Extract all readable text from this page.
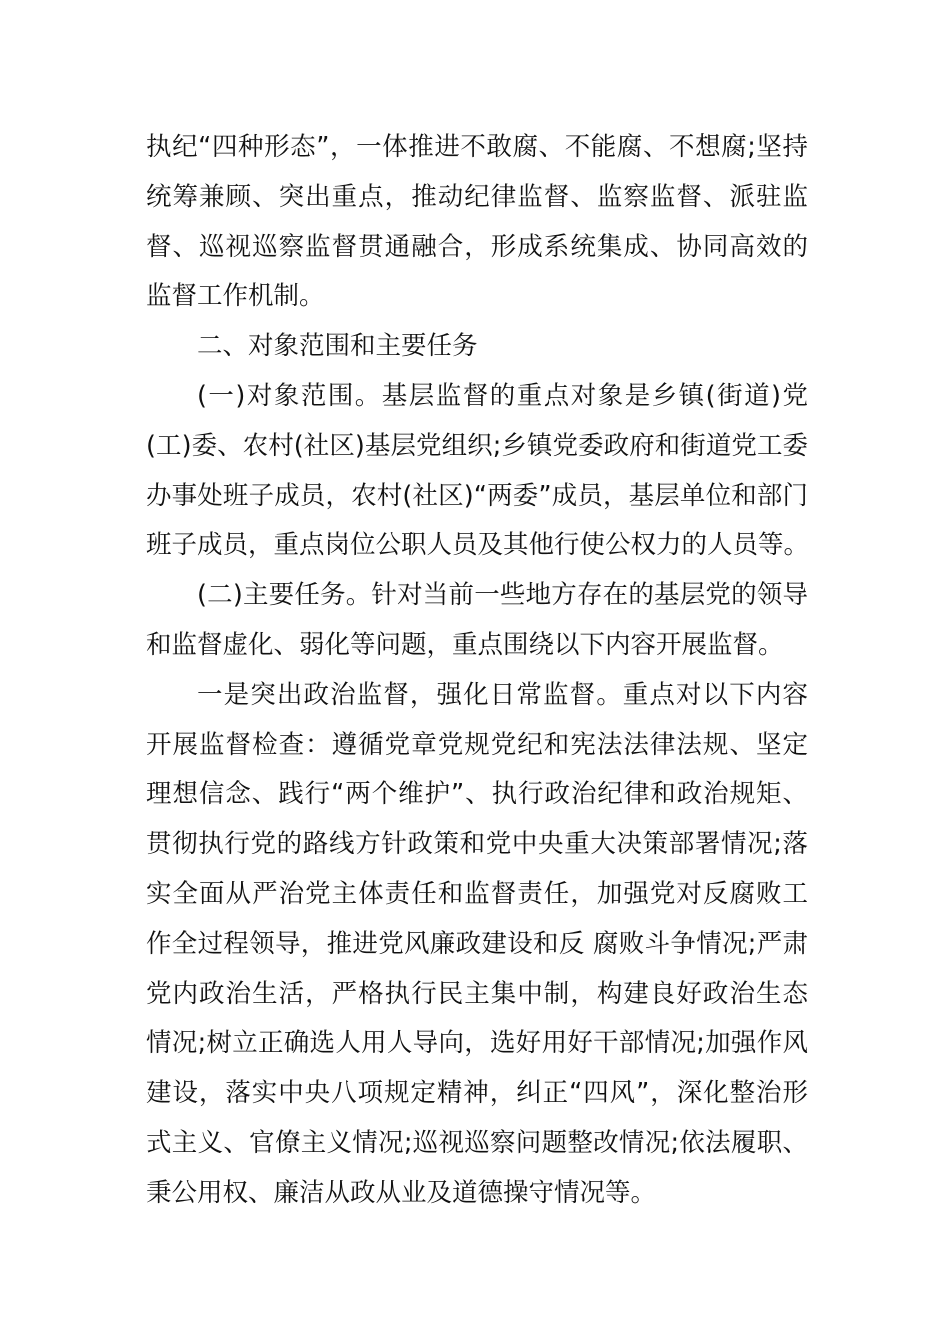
执纪“四种形态”，一体推进不敢腐、不能腐、不想腐;坚持
统筹兼顾、突出重点，推动纪律监督、监察监督、派驻监
督、巡视巡察监督贯通融合，形成系统集成、协同高效的
监督工作机制。
二、对象范围和主要任务
(一)对象范围。基层监督的重点对象是乡镇(街道)党
(工)委、农村(社区)基层党组织;乡镇党委政府和街道党工委
办事处班子成员，农村(社区)“两委”成员，基层单位和部门
班子成员，重点岗位公职人员及其他行使公权力的人员等。
(二)主要任务。针对当前一些地方存在的基层党的领导
和监督虚化、弱化等问题，重点围绕以下内容开展监督。
一是突出政治监督，强化日常监督。重点对以下内容
开展监督检查：遵循党章党规党纪和宪法法律法规、坚定
理想信念、践行“两个维护”、执行政治纪律和政治规矩、
贯彻执行党的路线方针政策和党中央重大决策部署情况;落
实全面从严治党主体责任和监督责任，加强党对反腐败工
作全过程领导，推进党风廉政建设和反 腐败斗争情况;严肃
党内政治生活，严格执行民主集中制，构建良好政治生态
情况;树立正确选人用人导向，选好用好干部情况;加强作风
建设，落实中央八项规定精神，纠正“四风”，深化整治形
式主义、官僚主义情况;巡视巡察问题整改情况;依法履职、
秉公用权、廉洁从政从业及道德操守情况等。
